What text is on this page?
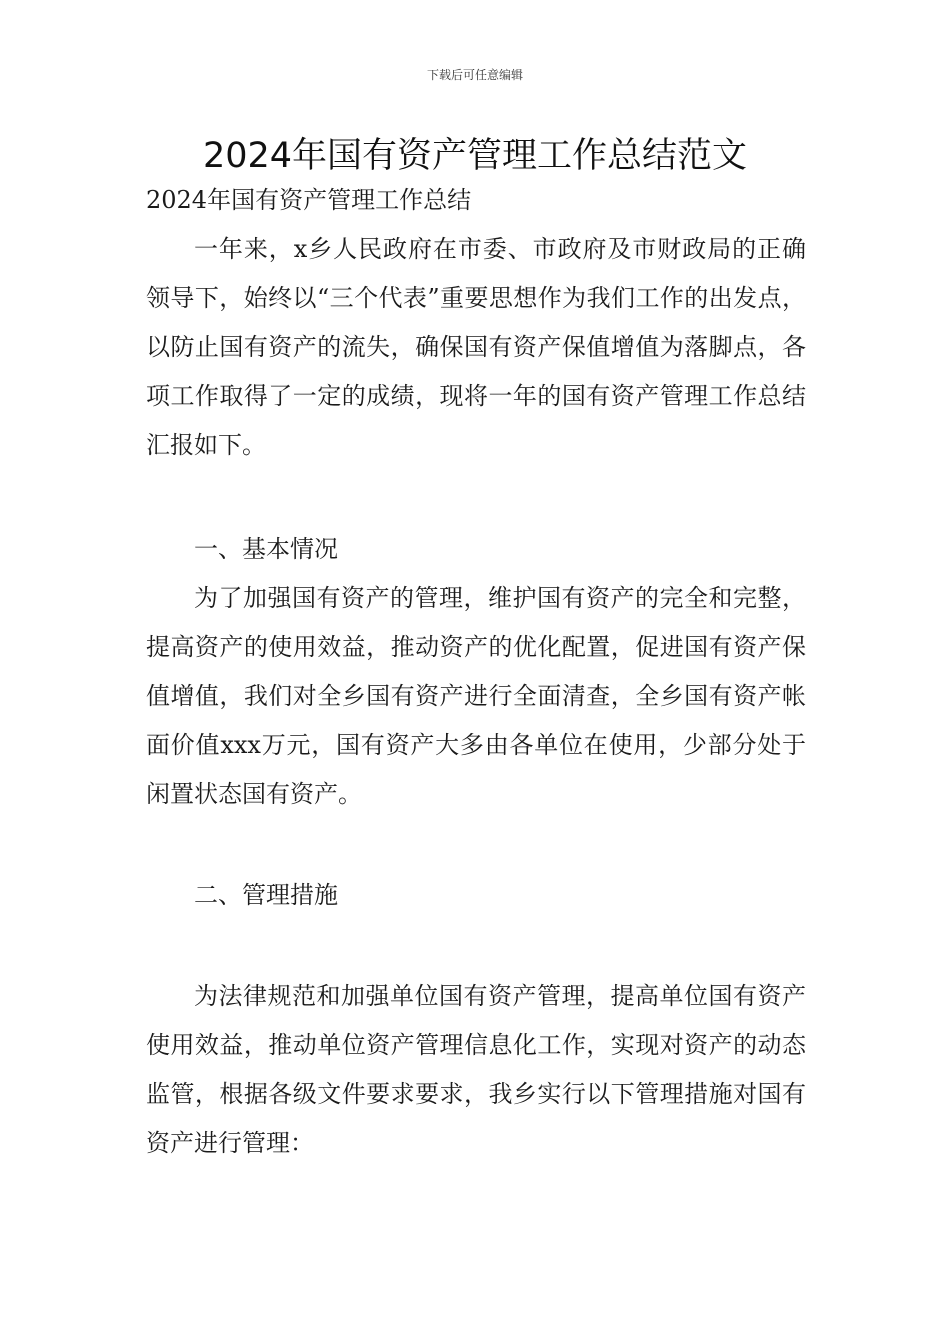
下载后可任意编辑
2024年国有资产管理工作总结范文
2024年国有资产管理工作总结
一年来，x乡人民政府在市委、市政府及市财政局的正确领导下，始终以“三个代表”重要思想作为我们工作的出发点，以防止国有资产的流失，确保国有资产保值增值为落脚点，各项工作取得了一定的成绩，现将一年的国有资产管理工作总结汇报如下。
一、基本情况
为了加强国有资产的管理，维护国有资产的完全和完整，提高资产的使用效益，推动资产的优化配置，促进国有资产保值增值，我们对全乡国有资产进行全面清查，全乡国有资产帐面价值xxx万元，国有资产大多由各单位在使用，少部分处于闲置状态国有资产。
二、管理措施
为法律规范和加强单位国有资产管理，提高单位国有资产使用效益，推动单位资产管理信息化工作，实现对资产的动态监管，根据各级文件要求要求，我乡实行以下管理措施对国有资产进行管理：
